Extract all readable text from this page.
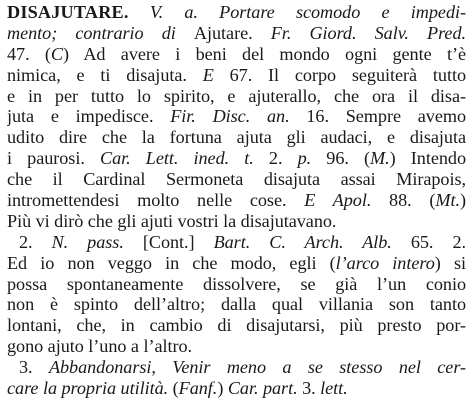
DISAJUTARE. V. a. Portare scomodo e impedi-
mento; contrario di Ajutare. Fr. Giord. Salv. Pred.
47. (C) Ad avere i beni del mondo ogni gente t’è
nimica, e ti disajuta. E 67. Il corpo seguiterà tutto
e in per tutto lo spirito, e ajuterallo, che ora il disa-
juta e impedisce. Fir. Disc. an. 16. Sempre avemo
udito dire che la fortuna ajuta gli audaci, e disajuta
i paurosi. Car. Lett. ined. t. 2. p. 96. (M.) Intendo
che il Cardinal Sermoneta disajuta assai Mirapois,
intromettendesi molto nelle cose. E Apol. 88. (Mt.)
Più vi dirò che gli ajuti vostri la disajutavano.
2. N. pass. [Cont.] Bart. C. Arch. Alb. 65. 2.
Ed io non veggo in che modo, egli (l’arco intero) si
possa spontaneamente dissolvere, se già l’un conio
non è spinto dell’altro; dalla qual villania son tanto
lontani, che, in cambio di disajutarsi, più presto por-
gono ajuto l’uno a l’altro.
3. Abbandonarsi, Venir meno a se stesso nel cer-
care la propria utilità. (Fanf.) Car. part. 3. lett.
